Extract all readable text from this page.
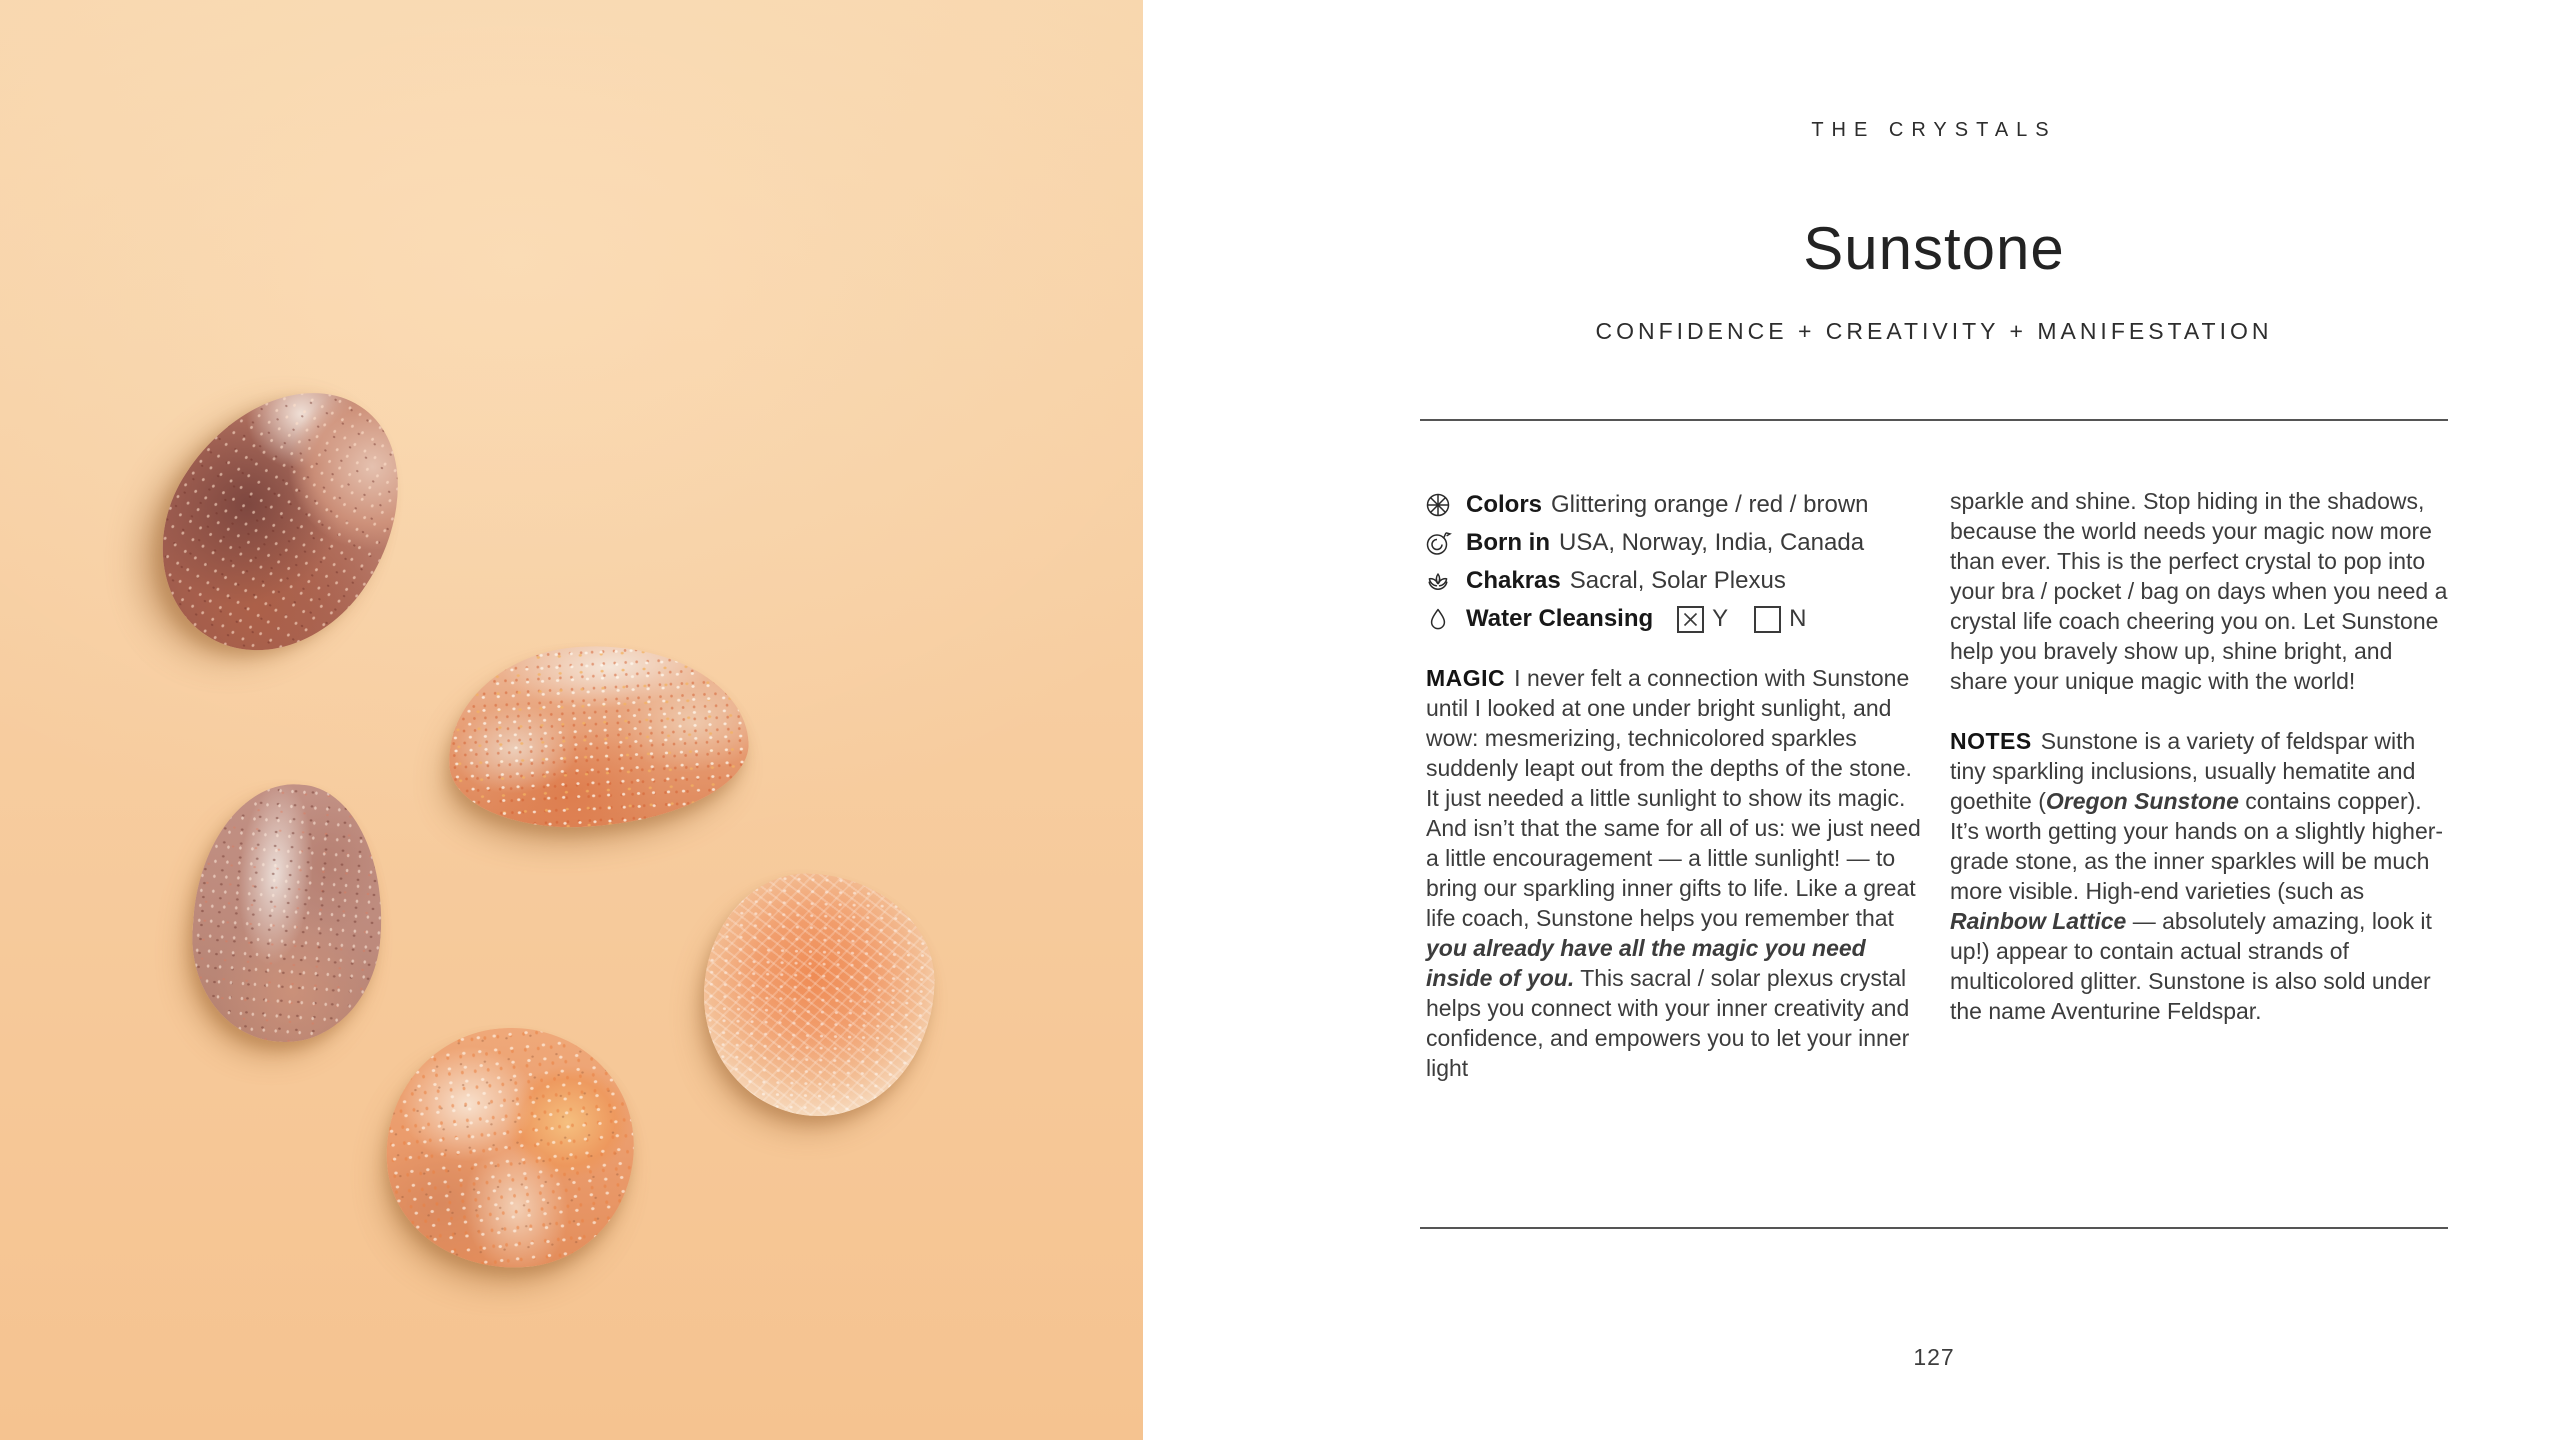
THE CRYSTALS
Sunstone
CONFIDENCE + CREATIVITY + MANIFESTATION
Colors Glittering orange / red / brown
Born in USA, Norway, India, Canada
Chakras Sacral, Solar Plexus
Water Cleansing Y	N

MAGIC I never felt a connection with Sunstone until I looked at one under bright sunlight, and wow: mesmerizing, technicolored sparkles suddenly leapt out from the depths of the stone. It just needed a little sunlight to show its magic. And isn’t that the same for all of us: we just need a little encouragement — a little sunlight! — to bring our sparkling inner gifts to life. Like a great life coach, Sunstone helps you remember that you already have all the magic you need inside of you. This sacral / solar plexus crystal helps you connect with your inner creativity and confidence, and empowers you to let your inner light

sparkle and shine. Stop hiding in the shadows, because the world needs your magic now more than ever. This is the perfect crystal to pop into your bra / pocket / bag on days when you need a crystal life coach cheering you on. Let Sunstone help you bravely show up, shine bright, and share your unique magic with the world!

NOTES Sunstone is a variety of feldspar with tiny sparkling inclusions, usually hematite and goethite (Oregon Sunstone contains copper). It’s worth getting your hands on a slightly higher-grade stone, as the inner sparkles will be much more visible. High-end varieties (such as Rainbow Lattice — absolutely amazing, look it up!) appear to contain actual strands of multicolored glitter. Sunstone is also sold under the name Aventurine Feldspar.

127
